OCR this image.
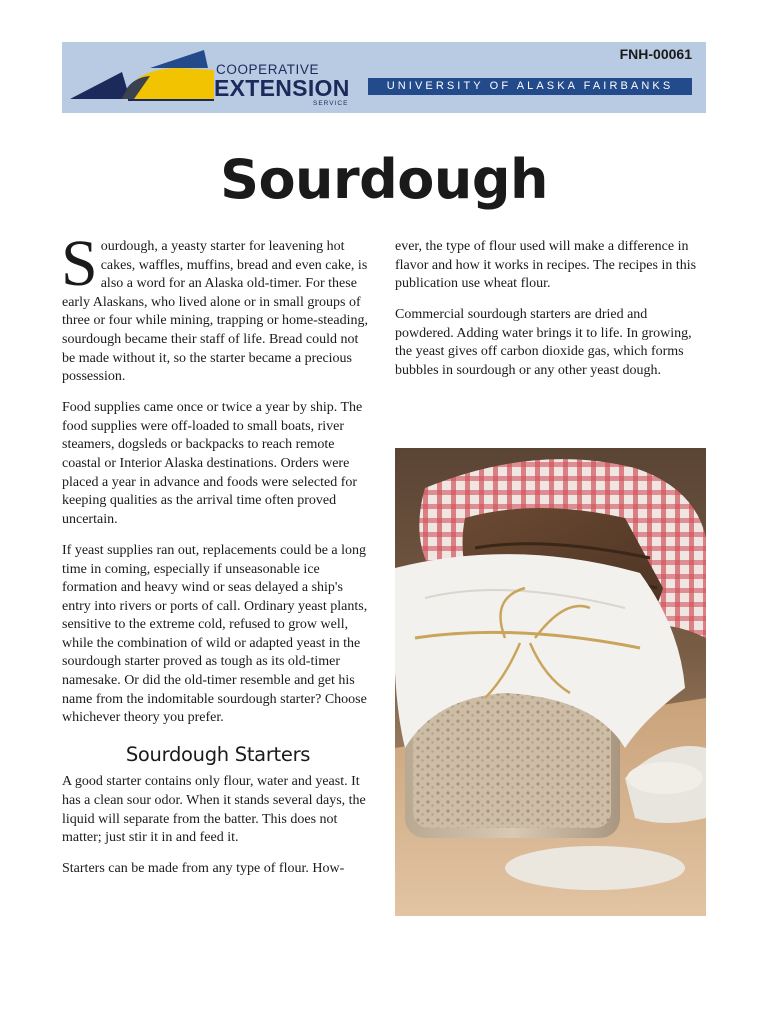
COOPERATIVE
EXTENSION
SERVICE
FNH-00061
UNIVERSITY OF ALASKA FAIRBANKS
Sourdough

Sourdough, a yeasty starter for leavening hot cakes, waffles, muffins, bread and even cake, is also a word for an Alaska old-timer. For these early Alaskans, who lived alone or in small groups of three or four while mining, trapping or home-steading, sourdough became their staff of life. Bread could not be made without it, so the starter became a precious possession.

Food supplies came once or twice a year by ship. The food supplies were off-loaded to small boats, river steamers, dogsleds or backpacks to reach remote coastal or Interior Alaska destinations. Orders were placed a year in advance and foods were selected for keeping qualities as the arrival time often proved uncertain.

If yeast supplies ran out, replacements could be a long time in coming, especially if unseasonable ice formation and heavy wind or seas delayed a ship's entry into rivers or ports of call. Ordinary yeast plants, sensitive to the extreme cold, refused to grow well, while the combination of wild or adapted yeast in the sourdough starter proved as tough as its old-timer namesake. Or did the old-timer resemble and get his name from the indomitable sourdough starter? Choose whichever theory you prefer.

Sourdough Starters

A good starter contains only flour, water and yeast. It has a clean sour odor. When it stands several days, the liquid will separate from the batter. This does not matter; just stir it in and feed it.

Starters can be made from any type of flour. How-

ever, the type of flour used will make a difference in flavor and how it works in recipes. The recipes in this publication use wheat flour.

Commercial sourdough starters are dried and powdered. Adding water brings it to life. In growing, the yeast gives off carbon dioxide gas, which forms bubbles in sourdough or any other yeast dough.
